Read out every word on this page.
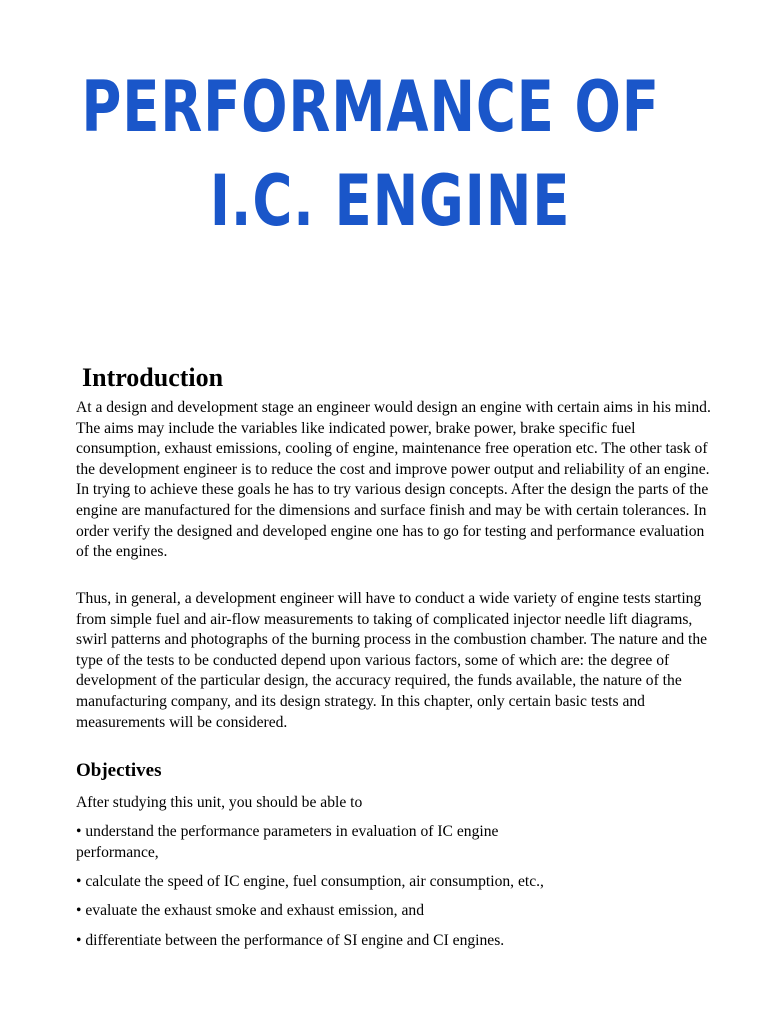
PERFORMANCE OF
I.C. ENGINE
Introduction

At a design and development stage an engineer would design an engine with certain aims in his mind. The aims may include the variables like indicated power, brake power, brake specific fuel consumption, exhaust emissions, cooling of engine, maintenance free operation etc. The other task of the development engineer is to reduce the cost and improve power output and reliability of an engine. In trying to achieve these goals he has to try various design concepts. After the design the parts of the engine are manufactured for the dimensions and surface finish and may be with certain tolerances. In order verify the designed and developed engine one has to go for testing and performance evaluation of the engines.

Thus, in general, a development engineer will have to conduct a wide variety of engine tests starting from simple fuel and air-flow measurements to taking of complicated injector needle lift diagrams, swirl patterns and photographs of the burning process in the combustion chamber. The nature and the type of the tests to be conducted depend upon various factors, some of which are: the degree of development of the particular design, the accuracy required, the funds available, the nature of the manufacturing company, and its design strategy. In this chapter, only certain basic tests and measurements will be considered.

Objectives

After studying this unit, you should be able to

• understand the performance parameters in evaluation of IC engine performance,

• calculate the speed of IC engine, fuel consumption, air consumption, etc.,

• evaluate the exhaust smoke and exhaust emission, and

• differentiate between the performance of SI engine and CI engines.
